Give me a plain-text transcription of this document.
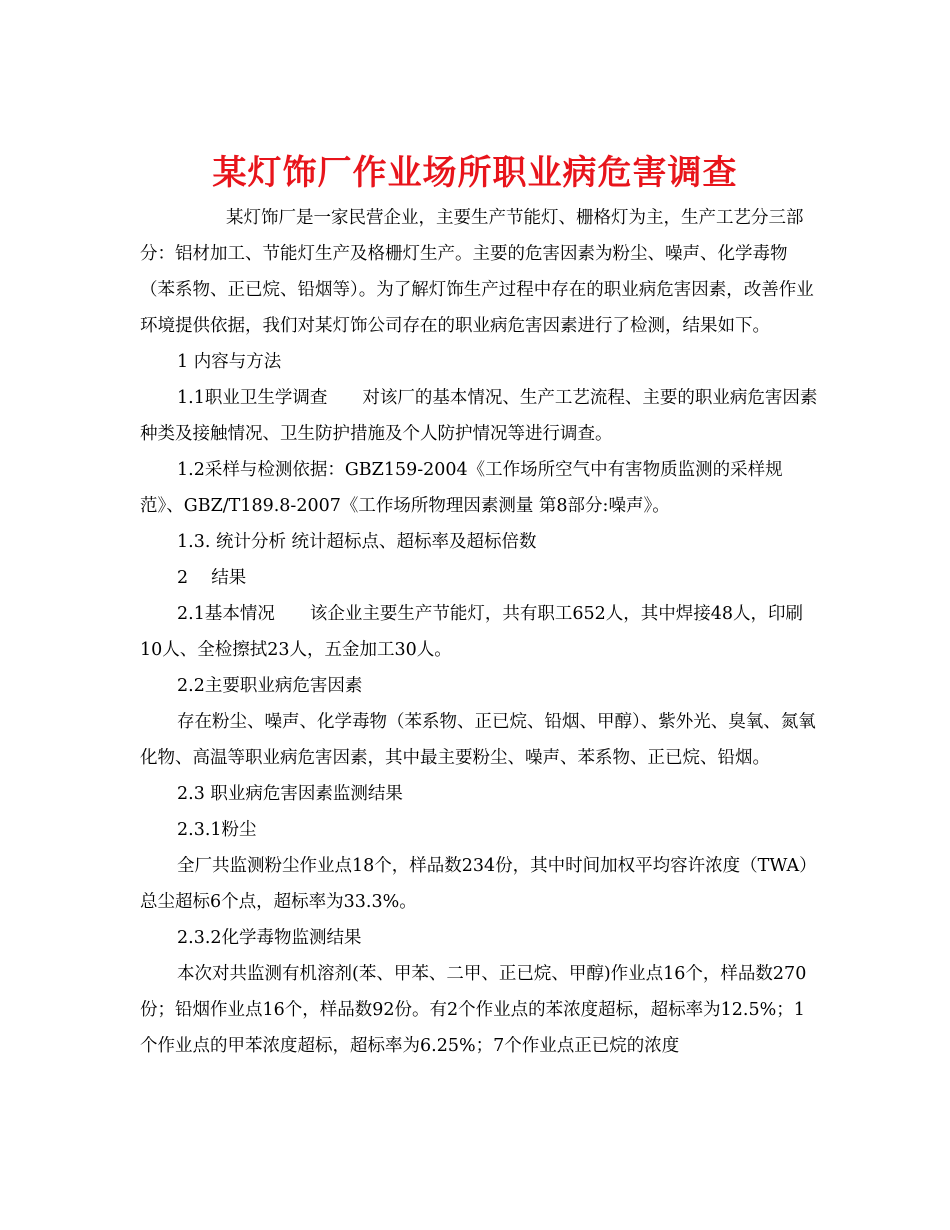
某灯饰厂作业场所职业病危害调查

某灯饰厂是一家民营企业，主要生产节能灯、栅格灯为主，生产工艺分三部分：铝材加工、节能灯生产及格栅灯生产。主要的危害因素为粉尘、噪声、化学毒物（苯系物、正已烷、铅烟等）。为了解灯饰生产过程中存在的职业病危害因素，改善作业环境提供依据，我们对某灯饰公司存在的职业病危害因素进行了检测，结果如下。

1 内容与方法

1.1职业卫生学调查　　对该厂的基本情况、生产工艺流程、主要的职业病危害因素种类及接触情况、卫生防护措施及个人防护情况等进行调查。

1.2采样与检测依据：GBZ159-2004《工作场所空气中有害物质监测的采样规范》、GBZ/T189.8-2007《工作场所物理因素测量 第8部分:噪声》。

1.3. 统计分析 统计超标点、超标率及超标倍数

2　 结果

2.1基本情况　　该企业主要生产节能灯，共有职工652人，其中焊接48人，印刷10人、全检擦拭23人，五金加工30人。

2.2主要职业病危害因素

存在粉尘、噪声、化学毒物（苯系物、正已烷、铅烟、甲醇）、紫外光、臭氧、氮氧化物、高温等职业病危害因素，其中最主要粉尘、噪声、苯系物、正已烷、铅烟。

2.3 职业病危害因素监测结果

2.3.1粉尘

全厂共监测粉尘作业点18个，样品数234份，其中时间加权平均容许浓度（TWA）总尘超标6个点，超标率为33.3%。

2.3.2化学毒物监测结果

本次对共监测有机溶剂(苯、甲苯、二甲、正已烷、甲醇)作业点16个，样品数270份；铅烟作业点16个，样品数92份。有2个作业点的苯浓度超标，超标率为12.5%；1个作业点的甲苯浓度超标，超标率为6.25%；7个作业点正已烷的浓度
